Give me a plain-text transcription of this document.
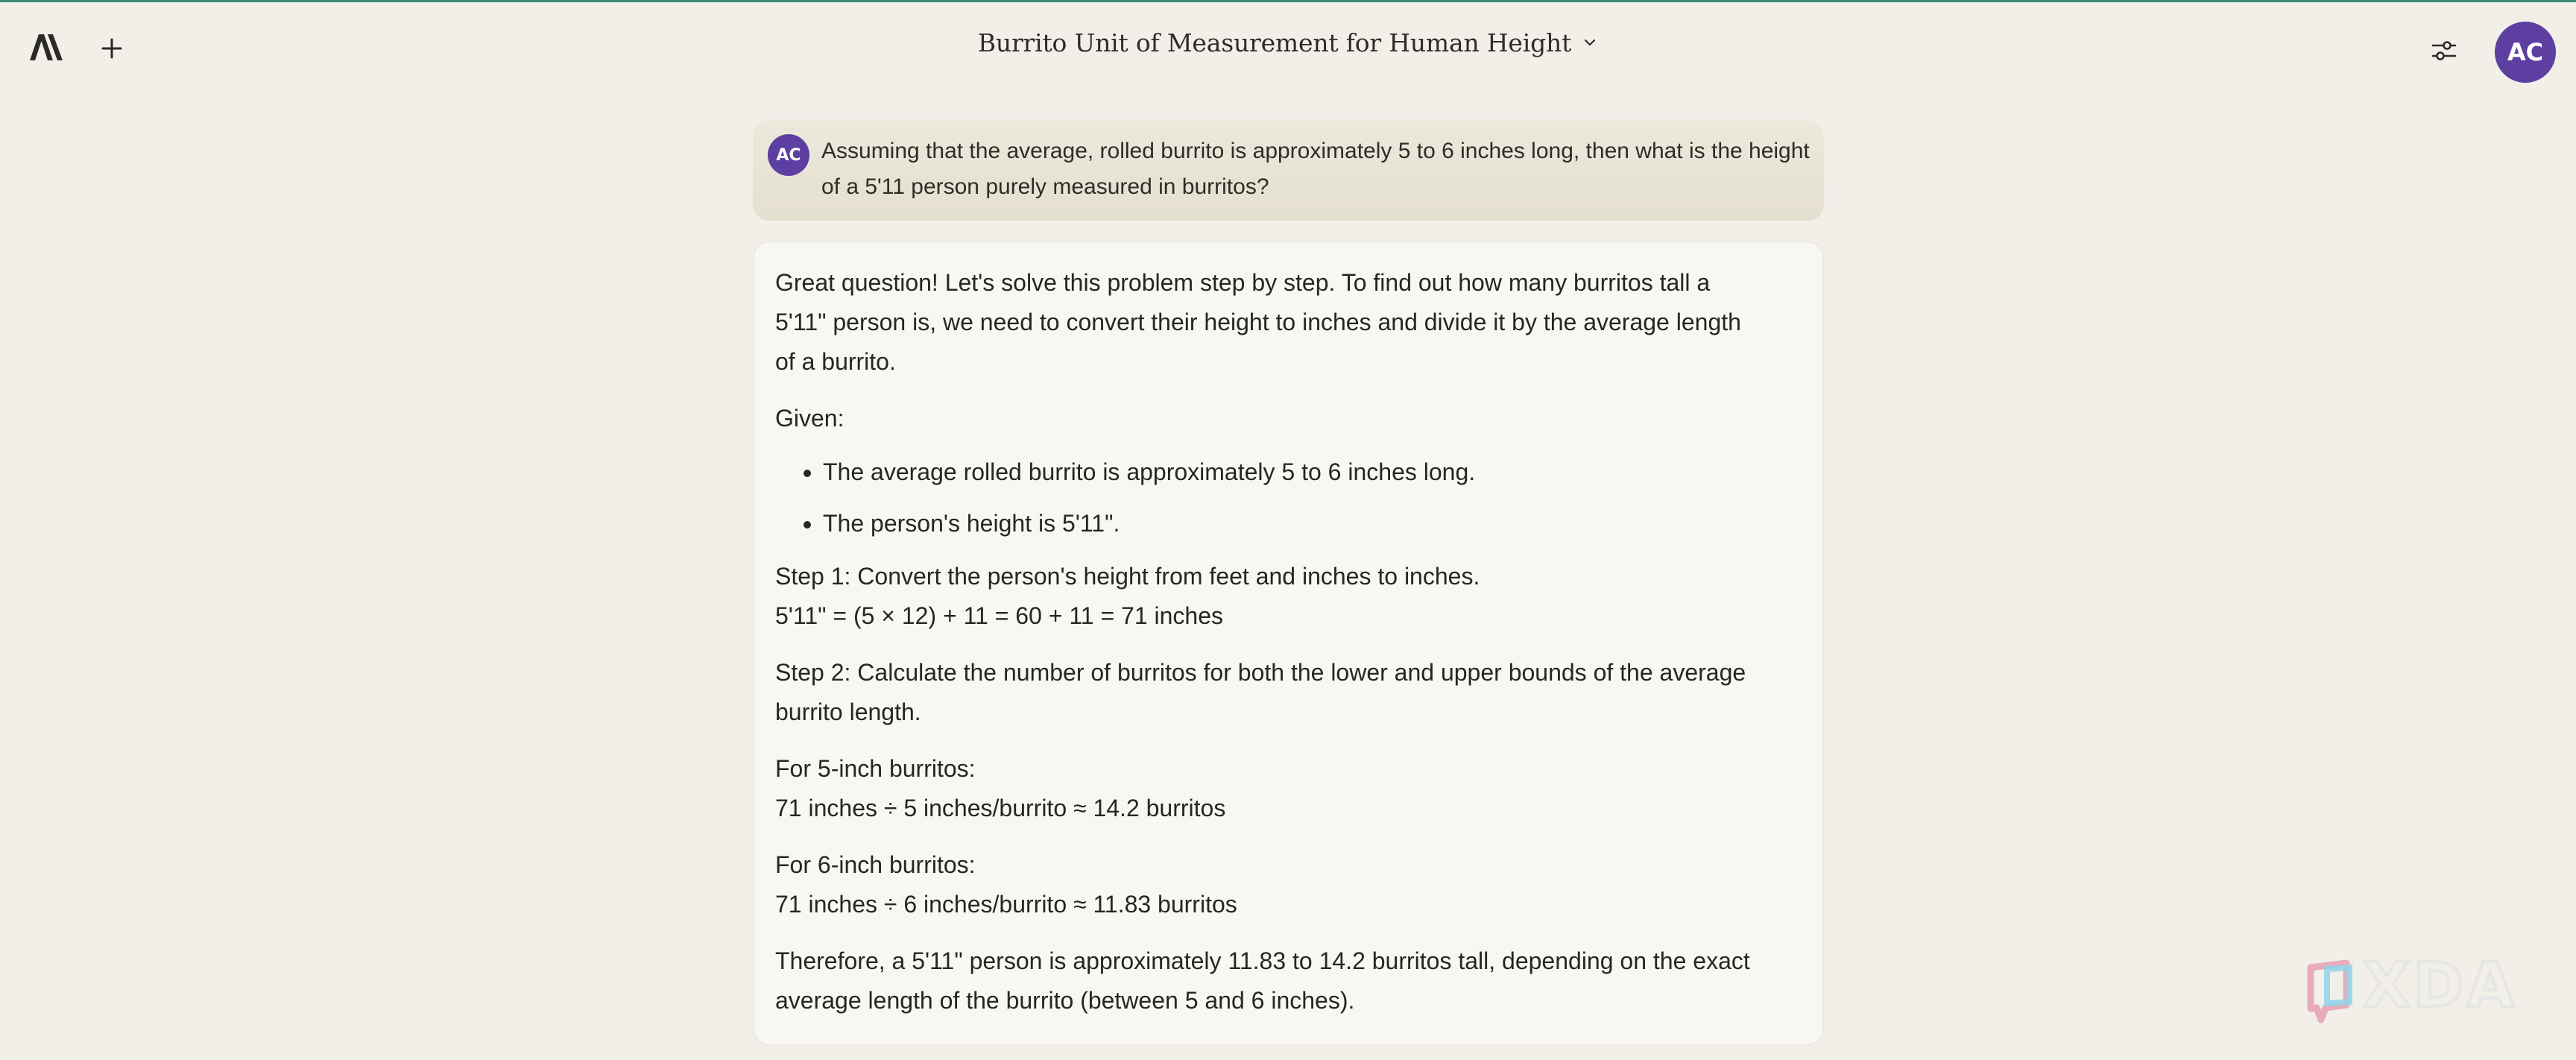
Burrito Unit of Measurement for Human Height	AC
AC Assuming that the average, rolled burrito is approximately 5 to 6 inches long, then what is the height of a 5'11 person purely measured in burritos?

Great question! Let's solve this problem step by step. To find out how many burritos tall a 5'11" person is, we need to convert their height to inches and divide it by the average length of a burrito.

Given:

• The average rolled burrito is approximately 5 to 6 inches long.
• The person's height is 5'11".

Step 1: Convert the person's height from feet and inches to inches.
5'11" = (5 × 12) + 11 = 60 + 11 = 71 inches

Step 2: Calculate the number of burritos for both the lower and upper bounds of the average burrito length.

For 5-inch burritos:
71 inches ÷ 5 inches/burrito ≈ 14.2 burritos

For 6-inch burritos:
71 inches ÷ 6 inches/burrito ≈ 11.83 burritos

Therefore, a 5'11" person is approximately 11.83 to 14.2 burritos tall, depending on the exact average length of the burrito (between 5 and 6 inches).	XDA
